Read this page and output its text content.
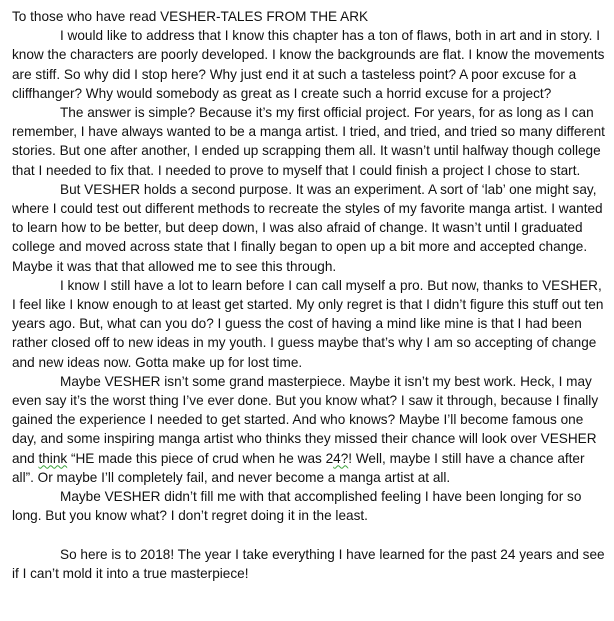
To those who have read VESHER-TALES FROM THE ARK

I would like to address that I know this chapter has a ton of flaws, both in art and in story. I know the characters are poorly developed. I know the backgrounds are flat. I know the movements are stiff. So why did I stop here? Why just end it at such a tasteless point? A poor excuse for a cliffhanger? Why would somebody as great as I create such a horrid excuse for a project?

The answer is simple? Because it’s my first official project. For years, for as long as I can remember, I have always wanted to be a manga artist. I tried, and tried, and tried so many different stories. But one after another, I ended up scrapping them all. It wasn’t until halfway though college that I needed to fix that. I needed to prove to myself that I could finish a project I chose to start.

But VESHER holds a second purpose. It was an experiment. A sort of ‘lab’ one might say, where I could test out different methods to recreate the styles of my favorite manga artist. I wanted to learn how to be better, but deep down, I was also afraid of change. It wasn’t until I graduated college and moved across state that I finally began to open up a bit more and accepted change. Maybe it was that that allowed me to see this through.

I know I still have a lot to learn before I can call myself a pro. But now, thanks to VESHER, I feel like I know enough to at least get started. My only regret is that I didn’t figure this stuff out ten years ago. But, what can you do? I guess the cost of having a mind like mine is that I had been rather closed off to new ideas in my youth. I guess maybe that’s why I am so accepting of change and new ideas now. Gotta make up for lost time.

Maybe VESHER isn’t some grand masterpiece. Maybe it isn’t my best work. Heck, I may even say it’s the worst thing I’ve ever done. But you know what? I saw it through, because I finally gained the experience I needed to get started. And who knows? Maybe I’ll become famous one day, and some inspiring manga artist who thinks they missed their chance will look over VESHER and think “HE made this piece of crud when he was 24?! Well, maybe I still have a chance after all”. Or maybe I’ll completely fail, and never become a manga artist at all.

Maybe VESHER didn’t fill me with that accomplished feeling I have been longing for so long. But you know what? I don’t regret doing it in the least.

So here is to 2018! The year I take everything I have learned for the past 24 years and see if I can’t mold it into a true masterpiece!
